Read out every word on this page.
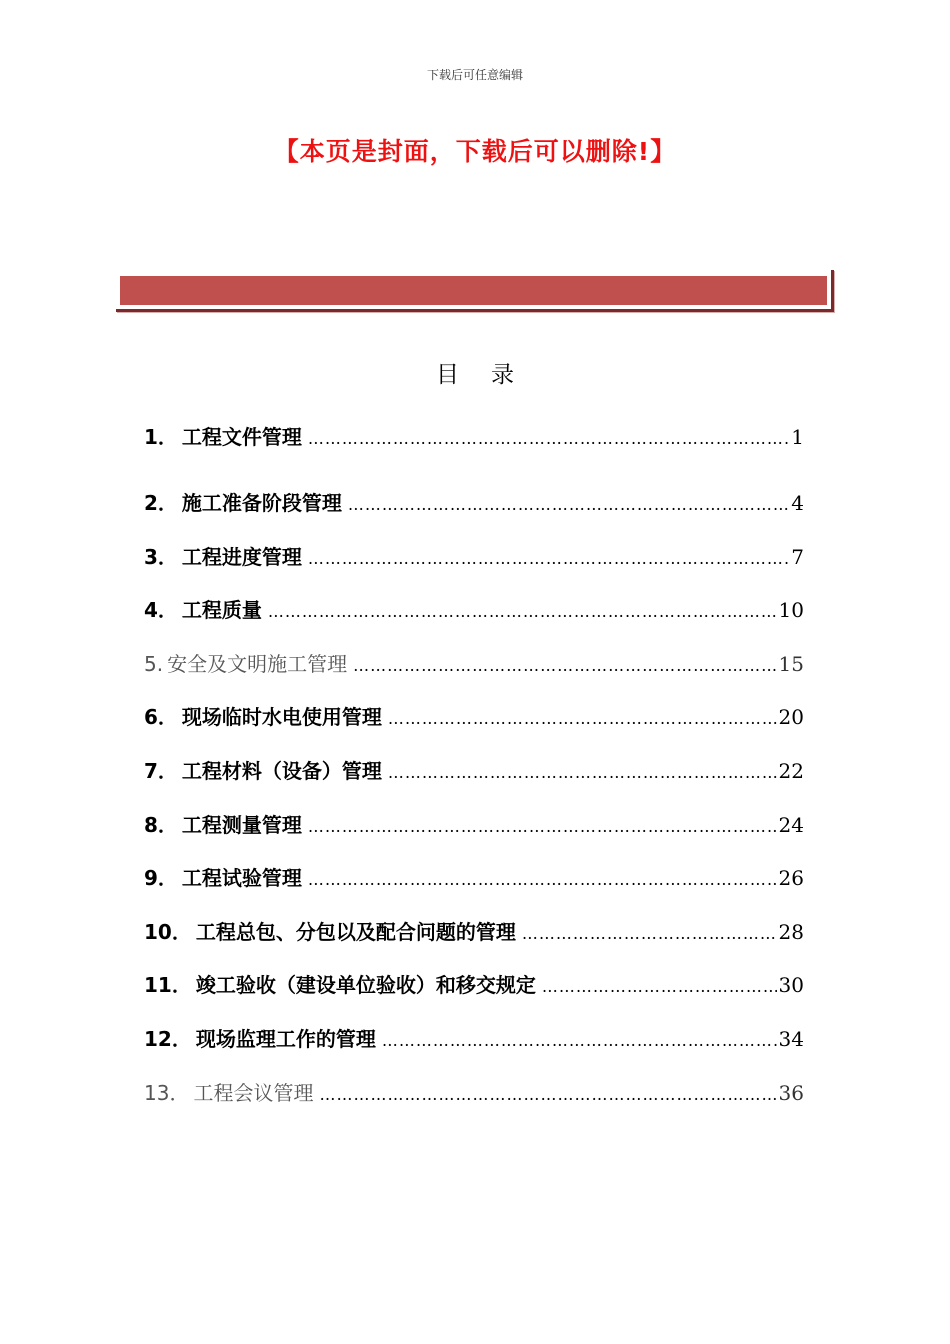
下载后可任意编辑
【本页是封面，下载后可以删除!】
目录
1． 工程文件管理 ………………………………………………………………………………………………………………………………………………………………	1
2． 施工准备阶段管理 ………………………………………………………………………………………………………………………………………………………………	4
3． 工程进度管理 ………………………………………………………………………………………………………………………………………………………………	7
4． 工程质量 ………………………………………………………………………………………………………………………………………………………………	10
5. 安全及文明施工管理 ………………………………………………………………………………………………………………………………………………………………	15
6． 现场临时水电使用管理 ………………………………………………………………………………………………………………………………………………………………	20
7． 工程材料（设备）管理 ………………………………………………………………………………………………………………………………………………………………	22
8． 工程测量管理 ………………………………………………………………………………………………………………………………………………………………	24
9． 工程试验管理 ………………………………………………………………………………………………………………………………………………………………	26
10． 工程总包、分包以及配合问题的管理 ………………………………………………………………………………………………………………………………………………………………	28
11． 竣工验收（建设单位验收）和移交规定 ………………………………………………………………………………………………………………………………………………………………	30
12． 现场监理工作的管理 ………………………………………………………………………………………………………………………………………………………………	34
13． 工程会议管理 ………………………………………………………………………………………………………………………………………………………………	36
